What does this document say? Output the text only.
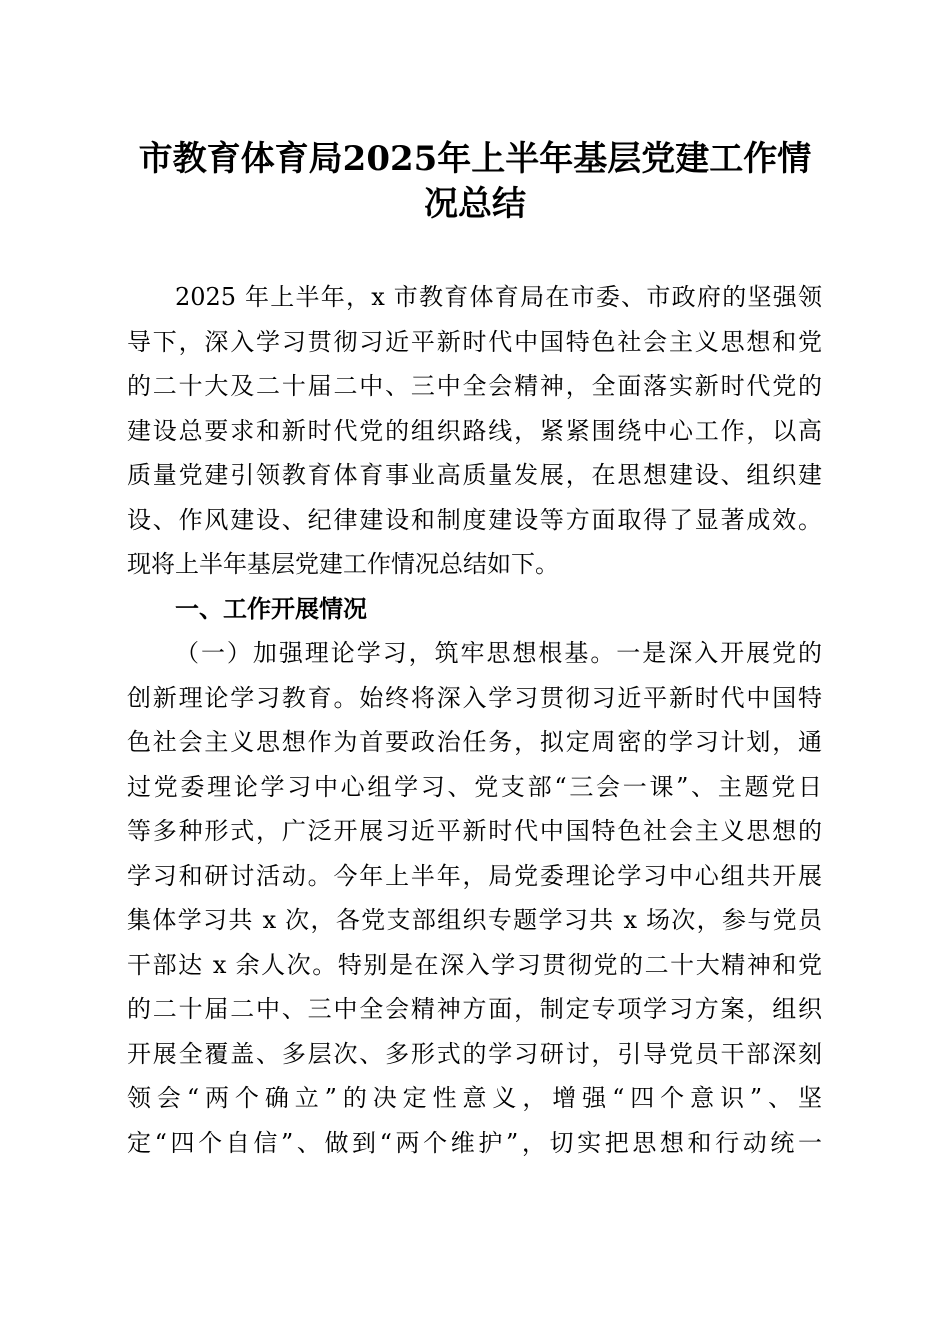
市教育体育局2025年上半年基层党建工作情
况总结
2025 年上半年，x 市教育体育局在市委、市政府的坚强领
导下，深入学习贯彻习近平新时代中国特色社会主义思想和党
的二十大及二十届二中、三中全会精神，全面落实新时代党的
建设总要求和新时代党的组织路线，紧紧围绕中心工作，以高
质量党建引领教育体育事业高质量发展，在思想建设、组织建
设、作风建设、纪律建设和制度建设等方面取得了显著成效。
现将上半年基层党建工作情况总结如下。
一、工作开展情况
（一）加强理论学习，筑牢思想根基。一是深入开展党的
创新理论学习教育。始终将深入学习贯彻习近平新时代中国特
色社会主义思想作为首要政治任务，拟定周密的学习计划，通
过党委理论学习中心组学习、党支部“三会一课”、主题党日
等多种形式，广泛开展习近平新时代中国特色社会主义思想的
学习和研讨活动。今年上半年，局党委理论学习中心组共开展
集体学习共 x 次，各党支部组织专题学习共 x 场次，参与党员
干部达 x 余人次。特别是在深入学习贯彻党的二十大精神和党
的二十届二中、三中全会精神方面，制定专项学习方案，组织
开展全覆盖、多层次、多形式的学习研讨，引导党员干部深刻
领会“两个确立”的决定性意义，增强“四个意识”、坚
定“四个自信”、做到“两个维护”，切实把思想和行动统一
